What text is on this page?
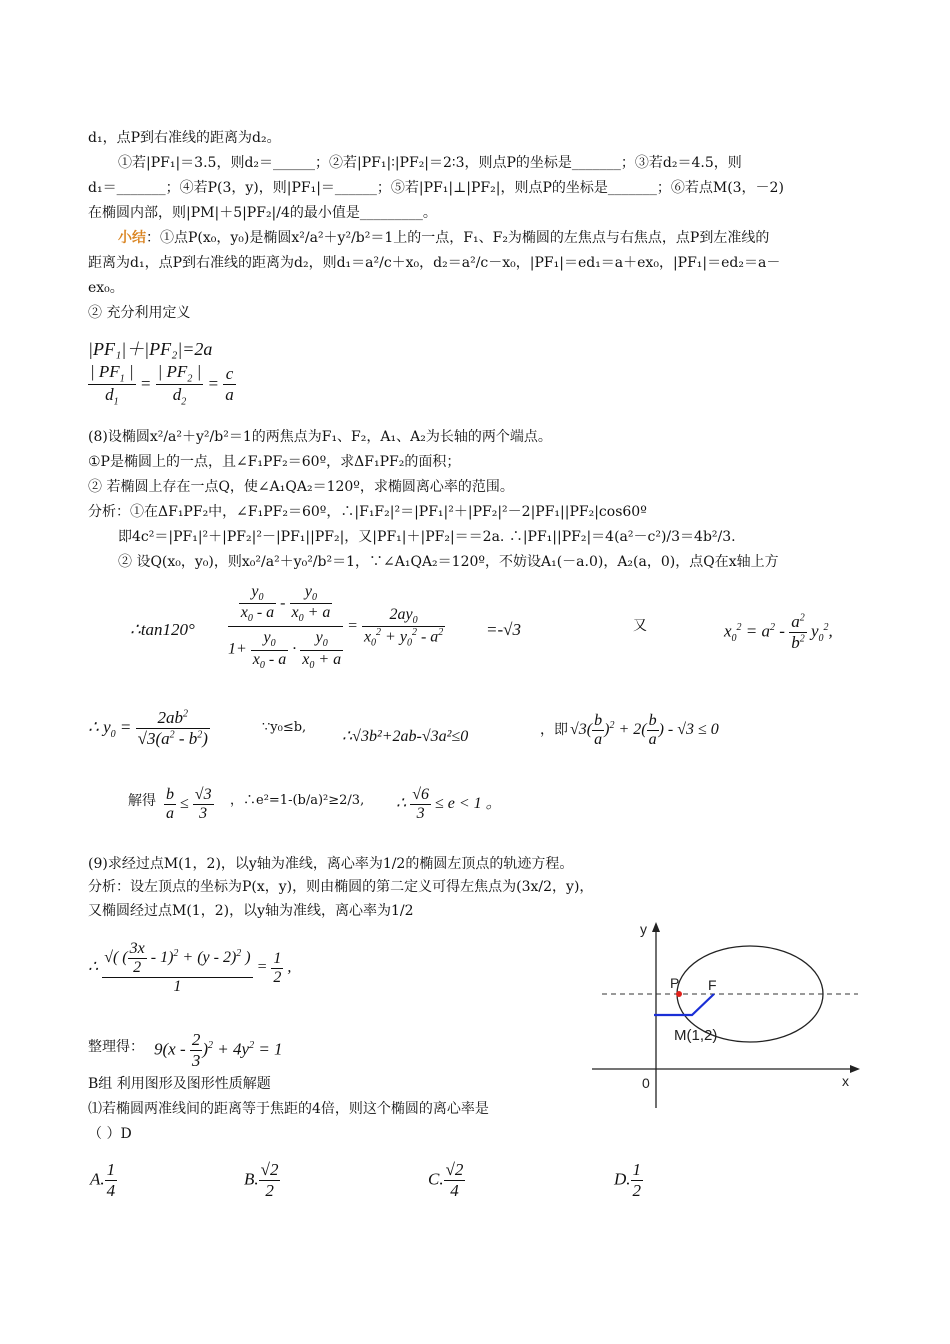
d₁，点P到右准线的距离为d₂。
①若|PF₁|＝3.5，则d₂＝______；②若|PF₁|∶|PF₂|＝2∶3，则点P的坐标是_______；③若d₂＝4.5，则
d₁＝_______；④若P(3，y)，则|PF₁|＝______；⑤若|PF₁|⊥|PF₂|，则点P的坐标是_______；⑥若点M(3，－2)
在椭圆内部，则|PM|＋5|PF₂|/4的最小值是_________。
小结：①点P(x₀，y₀)是椭圆x²/a²＋y²/b²＝1上的一点，F₁、F₂为椭圆的左焦点与右焦点，点P到左准线的
距离为d₁，点P到右准线的距离为d₂，则d₁＝a²/c＋x₀，d₂＝a²/c－x₀，|PF₁|＝ed₁＝a＋ex₀，|PF₁|＝ed₂＝a－
ex₀。
② 充分利用定义
|PF₁|＋|PF₂|=2a
$\frac{| PF_1 |}{d_1} = \frac{| PF_2 |}{d_2} = \frac{c}{a}$
(8)设椭圆x²/a²＋y²/b²＝1的两焦点为F₁、F₂，A₁、A₂为长轴的两个端点。
①P是椭圆上的一点，且∠F₁PF₂＝60º，求ΔF₁PF₂的面积；
② 若椭圆上存在一点Q，使∠A₁QA₂＝120º，求椭圆离心率的范围。
分析：①在ΔF₁PF₂中，∠F₁PF₂＝60º，∴|F₁F₂|²＝|PF₁|²＋|PF₂|²－2|PF₁||PF₂|cos60º
即4c²＝|PF₁|²＋|PF₂|²－|PF₁||PF₂|，又|PF₁|＋|PF₂|＝＝2a. ∴|PF₁||PF₂|＝4(a²－c²)/3＝4b²/3.
② 设Q(x₀，y₀)，则x₀²/a²＋y₀²/b²＝1，∵∠A₁QA₂＝120º，不妨设A₁(－a.0)，A₂(a，0)，点Q在x轴上方
∴tan120° $\frac{\frac{y_0}{x_0 - a} - \frac{y_0}{x_0 + a}}{1+ \frac{y_0}{x_0 - a} \cdot \frac{y_0}{x_0 + a}} = \frac{2ay_0}{x_0^2 + y_0^2 - a^2} =-√3$	又	$x_0^2 = a^2 - \frac{a^2}{b^2} y_0^2$,
∴ $y_0 = \frac{2ab^2}{√3(a^2 - b^2)}$	∵y₀≤b,
∴√3b²+2ab-√3a²≤0	，即 $√3( \frac{b}{a} )^2 + 2( \frac{b}{a}$ ) - √3 ≤ 0
解得 $\frac{b}{a} \le \frac{√3}{3}$ ，∴e²=1-(b/a)²≥2/3, ∴ $\frac{√6}{3} \le e < 1$ 。
(9)求经过点M(1，2)，以y轴为准线，离心率为1/2的椭圆左顶点的轨迹方程。
分析：设左顶点的坐标为P(x，y)，则由椭圆的第二定义可得左焦点为(3x/2，y)，
又椭圆经过点M(1，2)，以y轴为准线，离心率为1/2
∴ $\frac{√( ( \frac{3x}{2} - 1)^2 + (y - 2)^2 )}{1} = \frac{1}{2}$ ,
整理得： $9(x - \frac{2}{3} )^2 + 4y^2 = 1$
B组 利用图形及图形性质解题
⑴若椭圆两准线间的距离等于焦距的4倍，则这个椭圆的离心率是
（ ）D
A. $\frac{1}{4}$	B. $\frac{√2}{2}$	C. $\frac{√2}{4}$	D. $\frac{1}{2}$
P F
M(1,2)
y
x
0
